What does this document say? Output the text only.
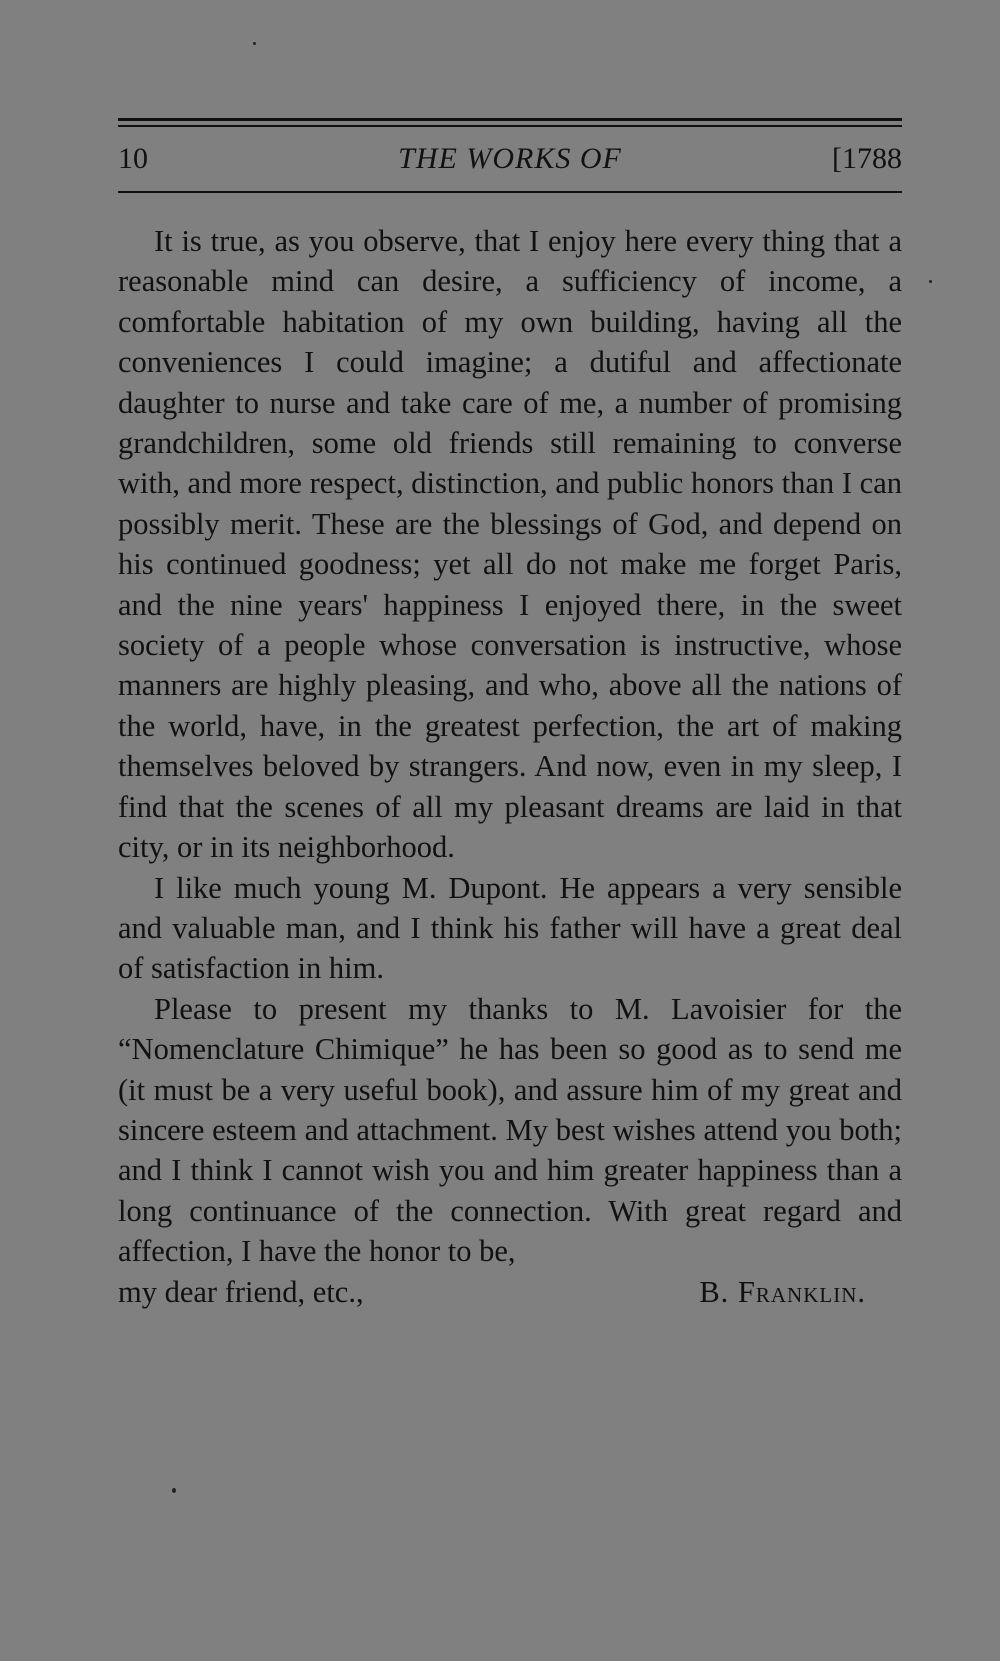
10	THE WORKS OF	[1788

It is true, as you observe, that I enjoy here every thing that a reasonable mind can desire, a sufficiency of income, a comfortable habitation of my own building, having all the conveniences I could imagine; a dutiful and affectionate daughter to nurse and take care of me, a number of promising grandchildren, some old friends still remaining to converse with, and more respect, distinction, and public honors than I can possibly merit. These are the blessings of God, and depend on his continued goodness; yet all do not make me forget Paris, and the nine years' happiness I enjoyed there, in the sweet society of a people whose conversation is instructive, whose manners are highly pleasing, and who, above all the nations of the world, have, in the greatest perfection, the art of making themselves beloved by strangers. And now, even in my sleep, I find that the scenes of all my pleasant dreams are laid in that city, or in its neighborhood.

I like much young M. Dupont. He appears a very sensible and valuable man, and I think his father will have a great deal of satisfaction in him.

Please to present my thanks to M. Lavoisier for the “Nomenclature Chimique” he has been so good as to send me (it must be a very useful book), and assure him of my great and sincere esteem and attachment. My best wishes attend you both; and I think I cannot wish you and him greater happiness than a long continuance of the connection. With great regard and affection, I have the honor to be,

my dear friend, etc.,	B. Franklin.
